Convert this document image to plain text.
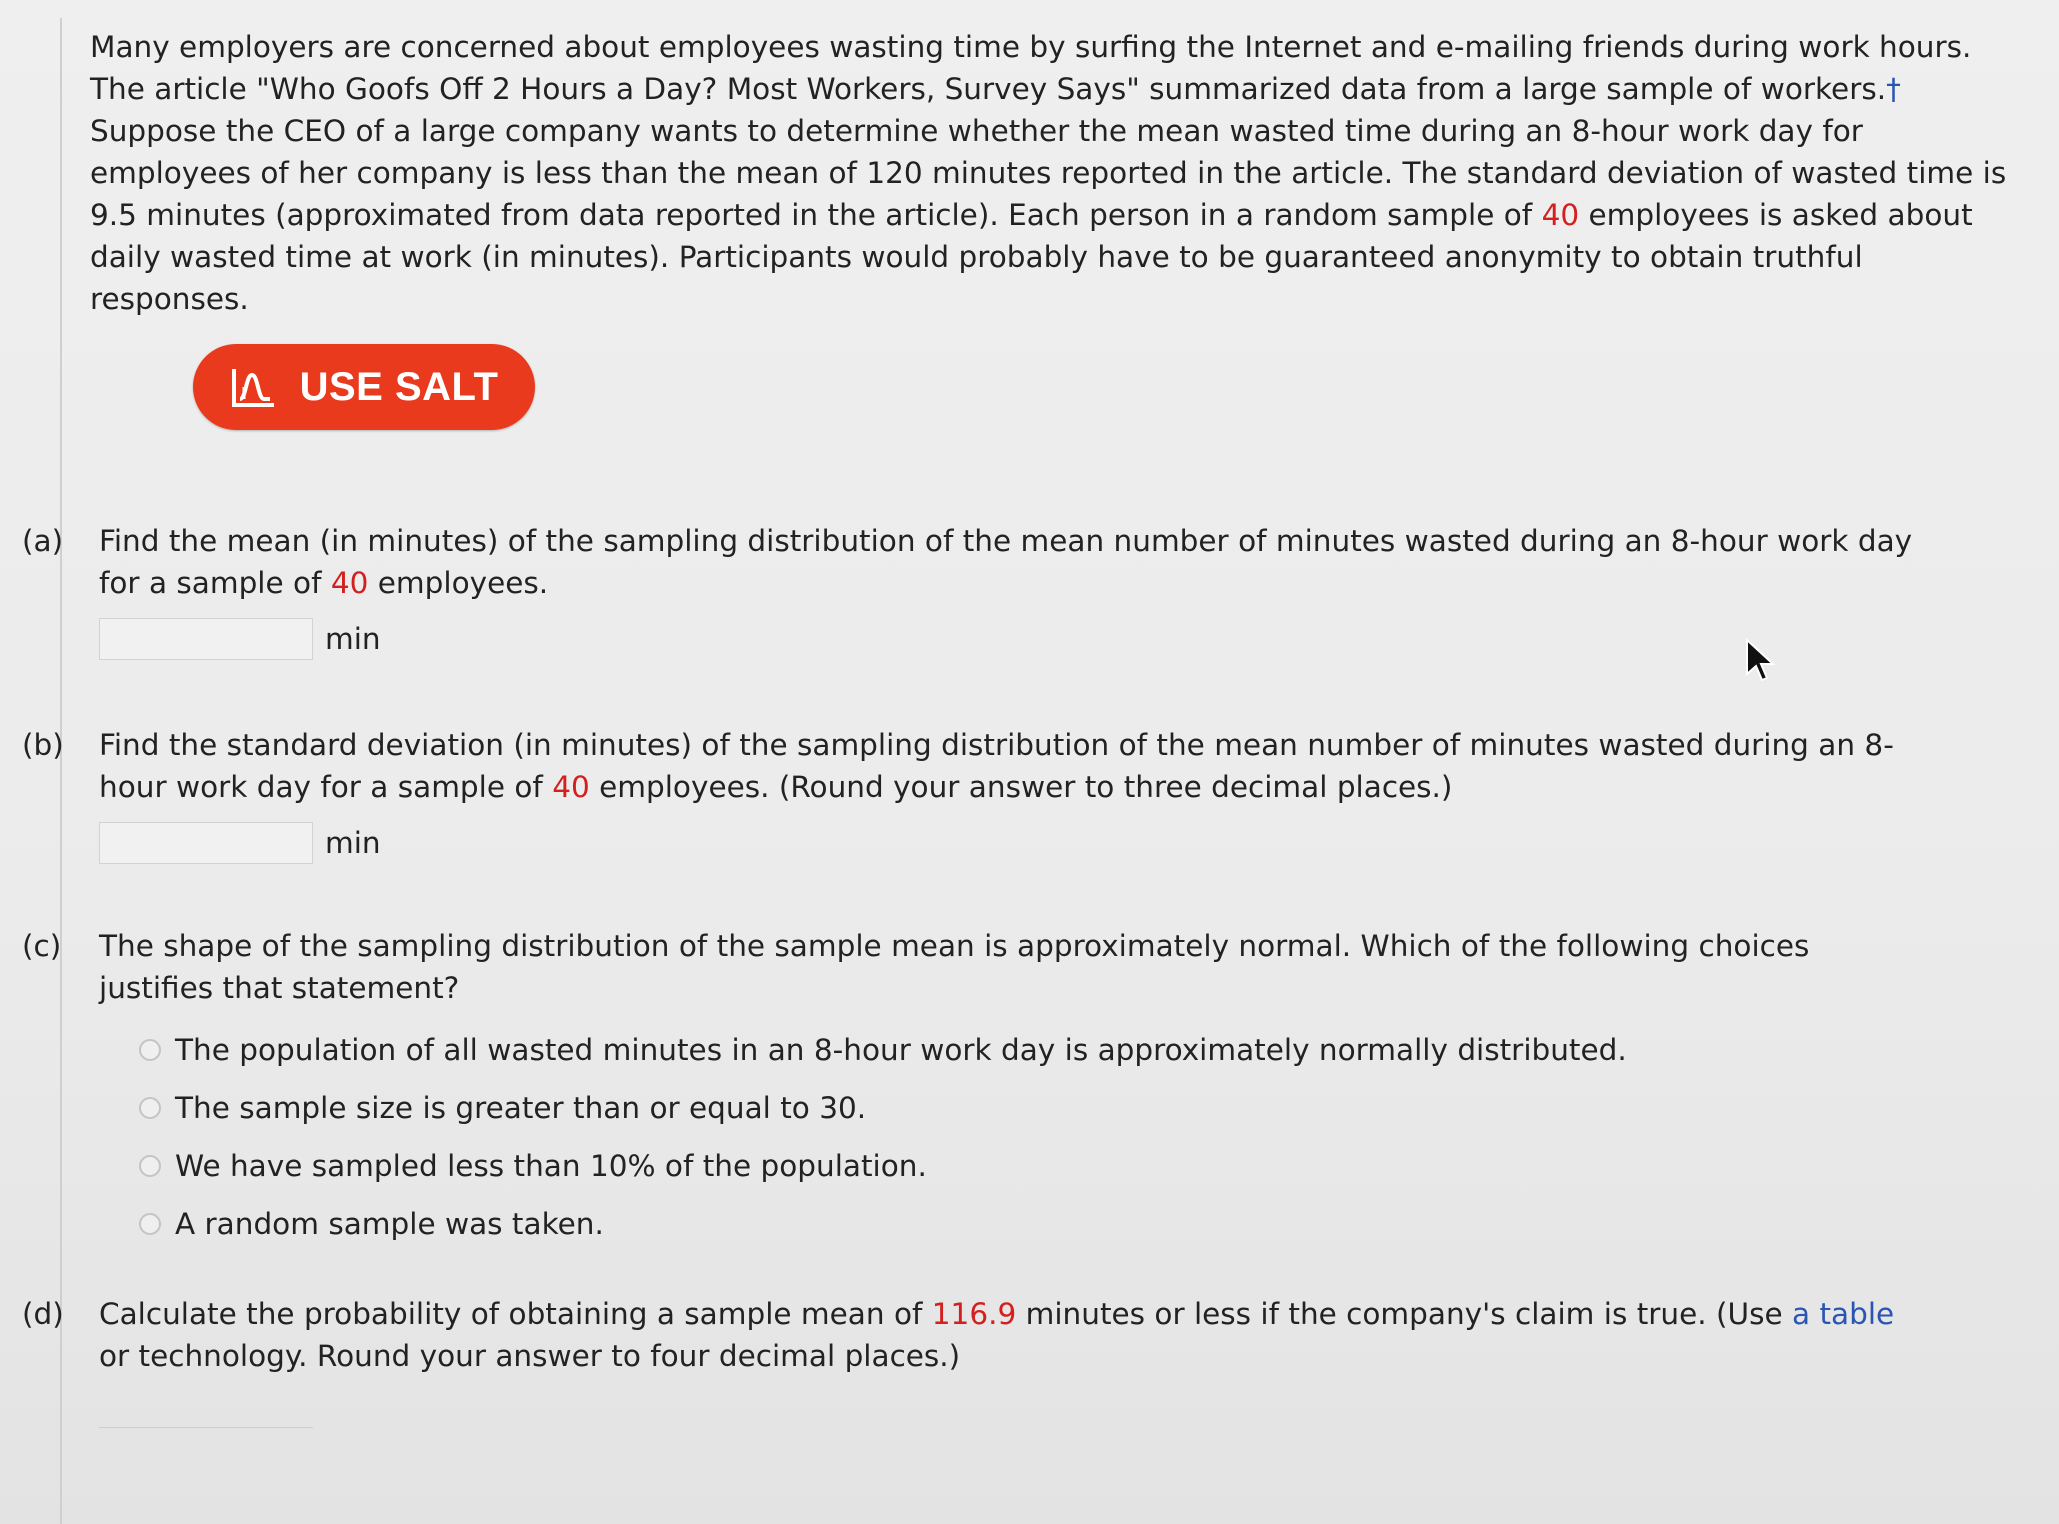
Many employers are concerned about employees wasting time by surfing the Internet and e-mailing friends during work hours. The article "Who Goofs Off 2 Hours a Day? Most Workers, Survey Says" summarized data from a large sample of workers.† Suppose the CEO of a large company wants to determine whether the mean wasted time during an 8-hour work day for employees of her company is less than the mean of 120 minutes reported in the article. The standard deviation of wasted time is 9.5 minutes (approximated from data reported in the article). Each person in a random sample of 40 employees is asked about daily wasted time at work (in minutes). Participants would probably have to be guaranteed anonymity to obtain truthful responses.

USE SALT
(a) Find the mean (in minutes) of the sampling distribution of the mean number of minutes wasted during an 8-hour work day for a sample of 40 employees.
min
(b) Find the standard deviation (in minutes) of the sampling distribution of the mean number of minutes wasted during an 8-hour work day for a sample of 40 employees. (Round your answer to three decimal places.)
min
(c) The shape of the sampling distribution of the sample mean is approximately normal. Which of the following choices justifies that statement?
The population of all wasted minutes in an 8-hour work day is approximately normally distributed.
The sample size is greater than or equal to 30.
We have sampled less than 10% of the population.
A random sample was taken.
(d) Calculate the probability of obtaining a sample mean of 116.9 minutes or less if the company's claim is true. (Use a table or technology. Round your answer to four decimal places.)
